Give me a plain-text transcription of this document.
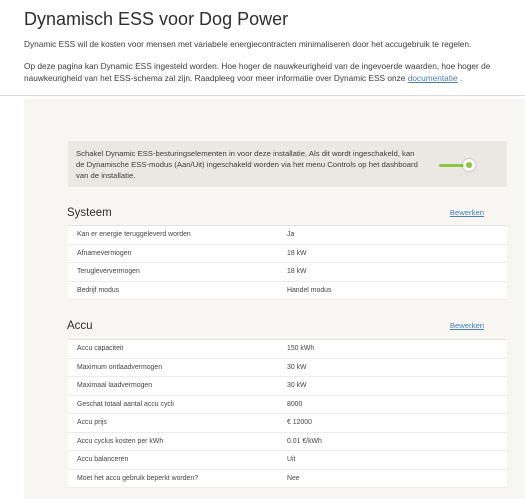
Dynamisch ESS voor Dog Power

Dynamic ESS wil de kosten voor mensen met variabele energiecontracten minimaliseren door het accugebruik te regelen.

Op deze pagina kan Dynamic ESS ingesteld worden. Hoe hoger de nauwkeurigheid van de ingevoerde waarden, hoe hoger de nauwkeurigheid van het ESS-schema zal zijn. Raadpleeg voor meer informatie over Dynamic ESS onze documentatie .

Schakel Dynamic ESS-besturingselementen in voor deze installatie. Als dit wordt ingeschakeld, kan de Dynamische ESS-modus (Aan/Uit) ingeschakeld worden via het menu Controls op het dashboard van de installatie.
Systeem	Bewerken
Kan er energie teruggeleverd worden	Ja
Afnamevermogen	18 kW
Terugleververmogen	18 kW
Bedrijf modus	Handel modus
Accu	Bewerken
Accu capaciteit	150 kWh
Maximum ontlaadvermogen	30 kW
Maximaal laadvermogen	30 kW
Geschat totaal aantal accu cycli	8000
Accu prijs	€ 12000
Accu cyclus kosten per kWh	0.01 €/kWh
Accu balanceren	Uit
Moet het accu gebruik beperkt worden?	Nee
